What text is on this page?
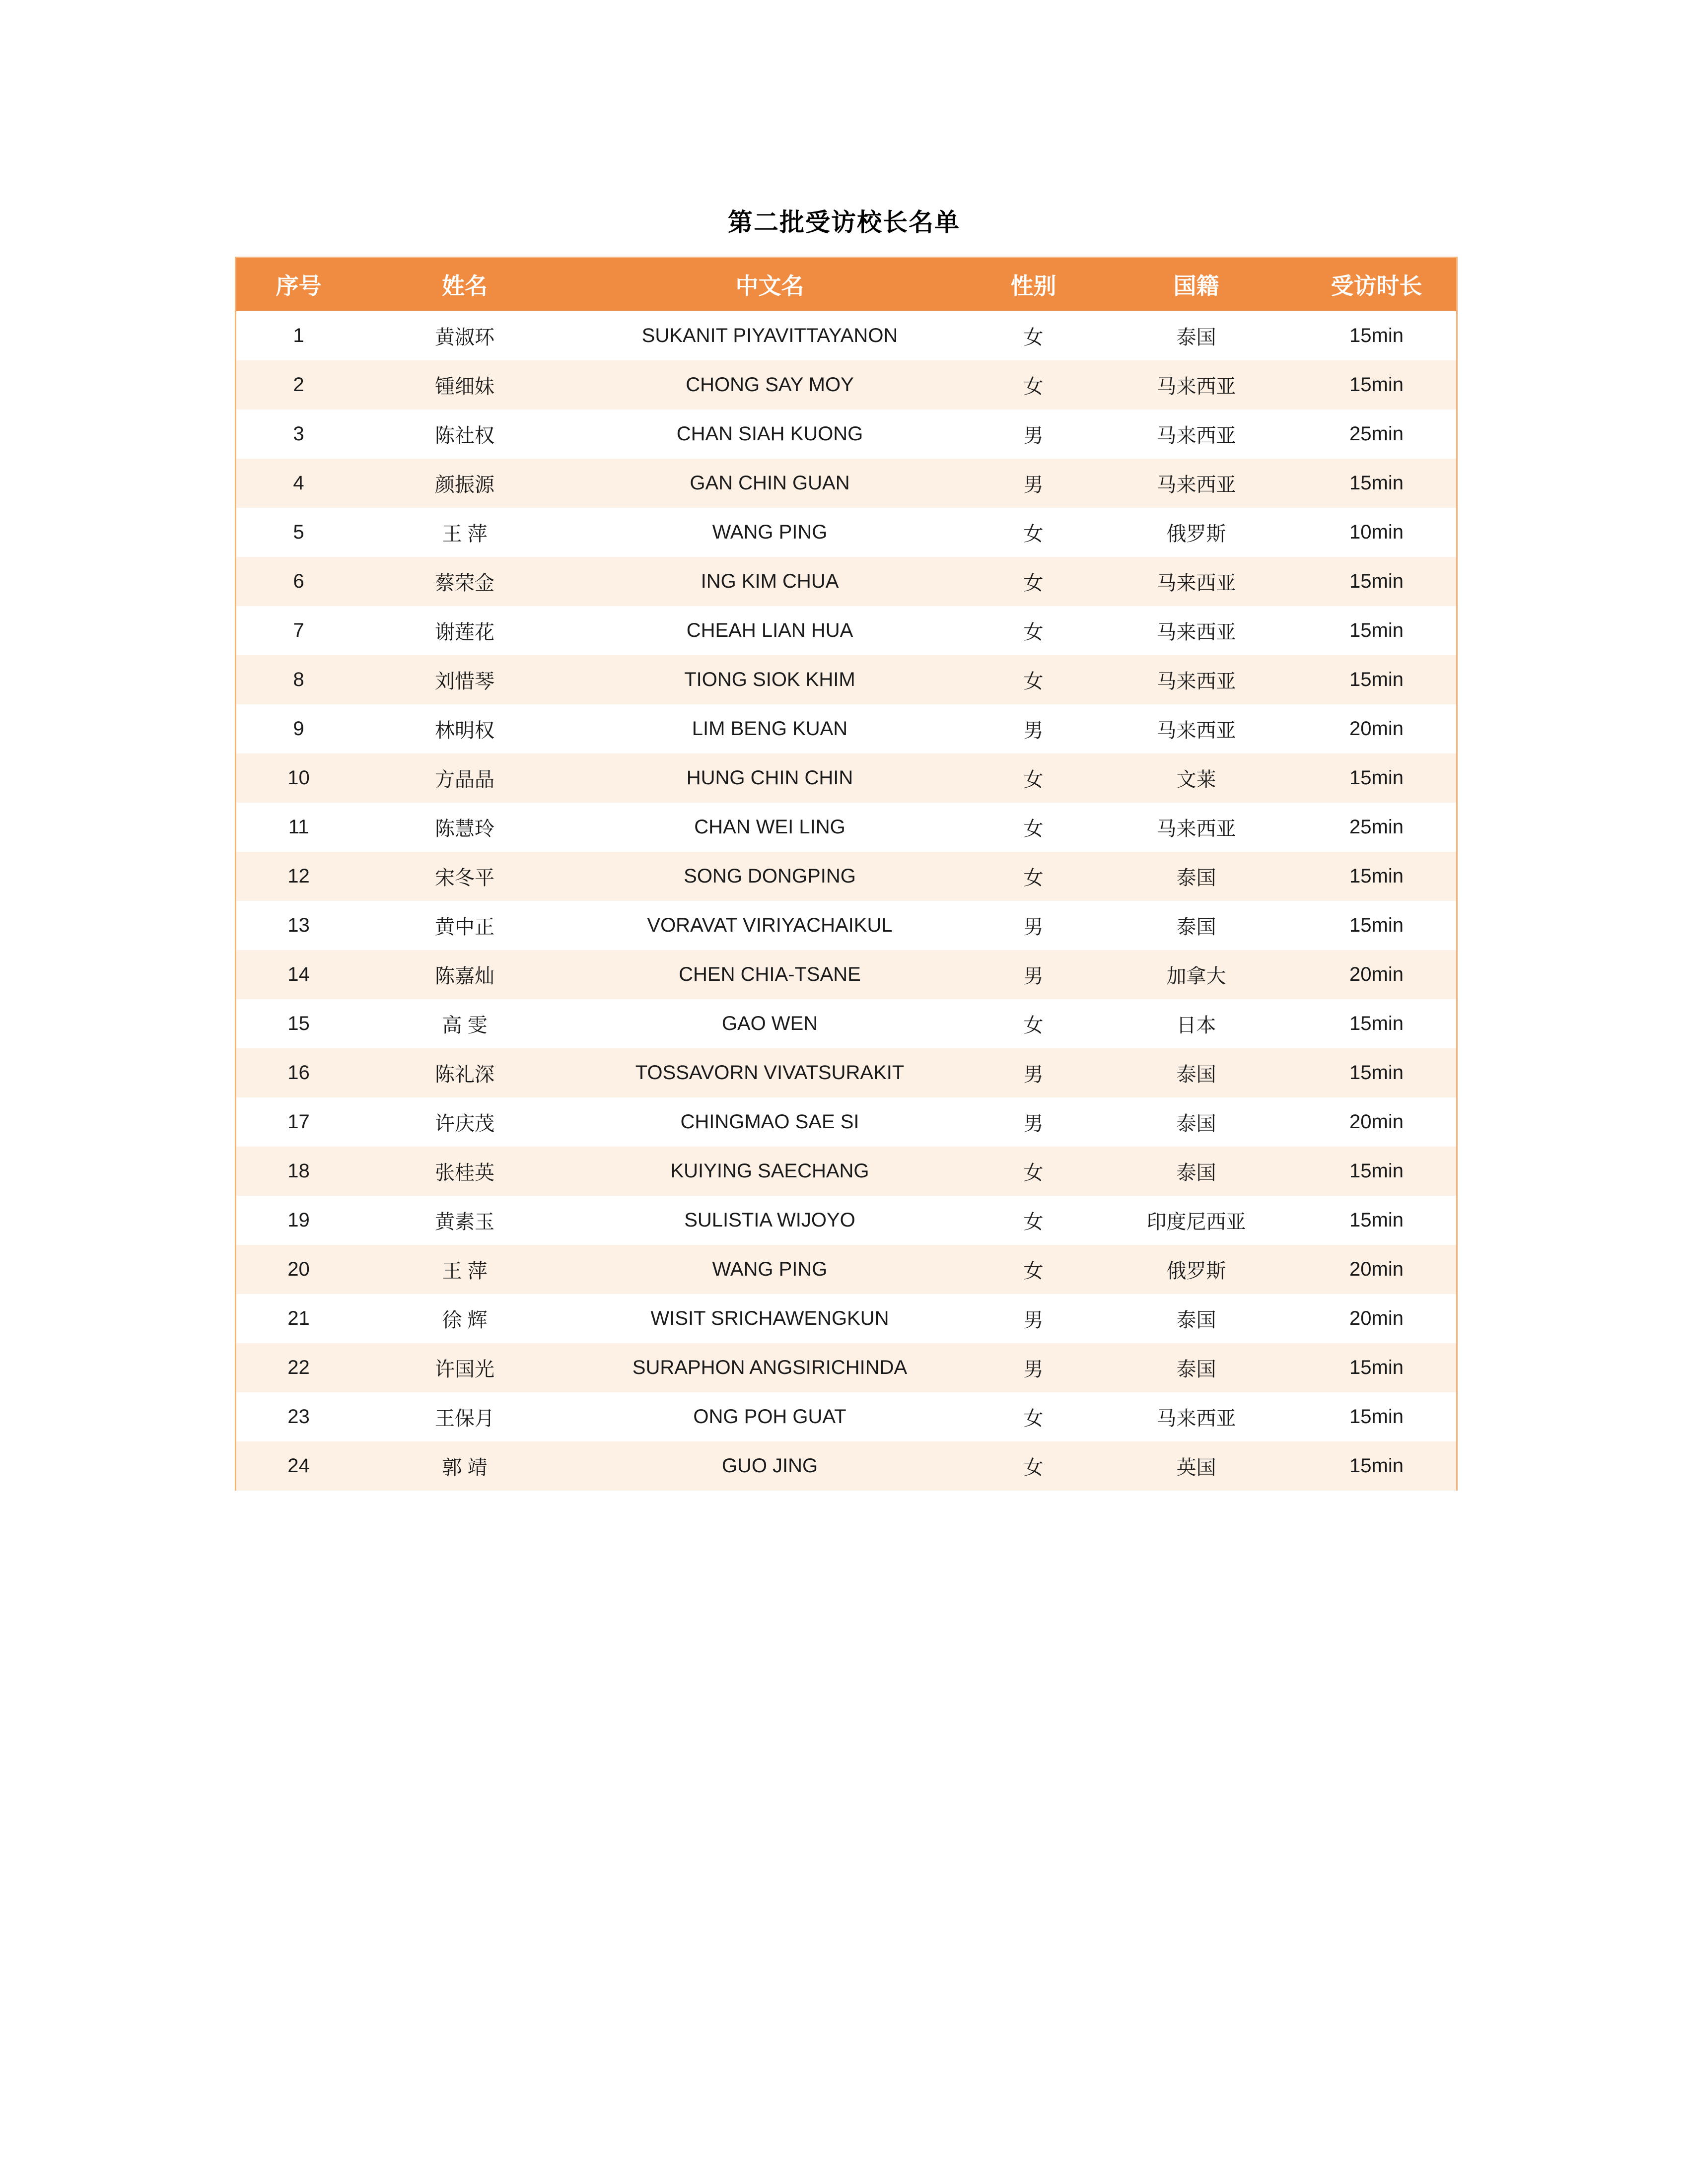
第二批受访校长名单
序号	姓名	中文名	性别	国籍	受访时长
1	黄淑环	SUKANIT PIYAVITTAYANON	女	泰国	15min
2	锺细妹	CHONG SAY MOY	女	马来西亚	15min
3	陈社权	CHAN SIAH KUONG	男	马来西亚	25min
4	颜振源	GAN CHIN GUAN	男	马来西亚	15min
5	王 萍	WANG PING	女	俄罗斯	10min
6	蔡荣金	ING KIM CHUA	女	马来西亚	15min
7	谢莲花	CHEAH LIAN HUA	女	马来西亚	15min
8	刘惜琴	TIONG SIOK KHIM	女	马来西亚	15min
9	林明权	LIM BENG KUAN	男	马来西亚	20min
10	方晶晶	HUNG CHIN CHIN	女	文莱	15min
11	陈慧玲	CHAN WEI LING	女	马来西亚	25min
12	宋冬平	SONG DONGPING	女	泰国	15min
13	黄中正	VORAVAT VIRIYACHAIKUL	男	泰国	15min
14	陈嘉灿	CHEN CHIA-TSANE	男	加拿大	20min
15	高 雯	GAO WEN	女	日本	15min
16	陈礼深	TOSSAVORN VIVATSURAKIT	男	泰国	15min
17	许庆茂	CHINGMAO SAE SI	男	泰国	20min
18	张桂英	KUIYING SAECHANG	女	泰国	15min
19	黄素玉	SULISTIA WIJOYO	女	印度尼西亚	15min
20	王 萍	WANG PING	女	俄罗斯	20min
21	徐 辉	WISIT SRICHAWENGKUN	男	泰国	20min
22	许国光	SURAPHON ANGSIRICHINDA	男	泰国	15min
23	王保月	ONG POH GUAT	女	马来西亚	15min
24	郭 靖	GUO JING	女	英国	15min
